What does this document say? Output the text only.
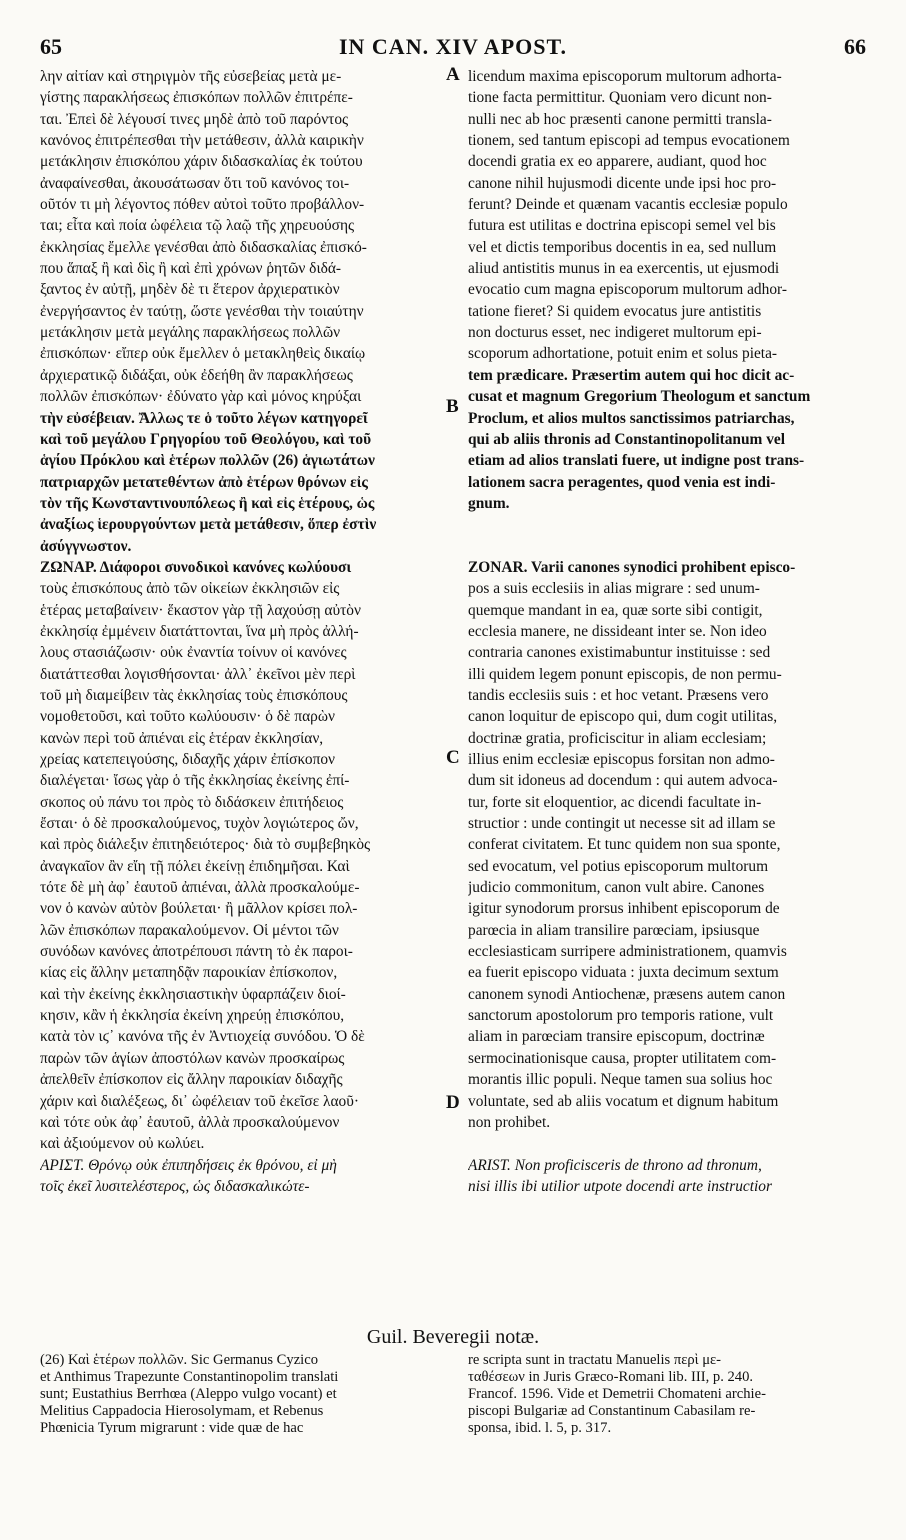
65	IN CAN. XIV APOST.	66
A
B
C
D
λην αἰτίαν καὶ στηριγμὸν τῆς εὐσεβείας μετὰ με-
γίστης παρακλήσεως ἐπισκόπων πολλῶν ἐπιτρέπε-
ται. Ἐπεὶ δὲ λέγουσί τινες μηδὲ ἀπὸ τοῦ παρόντος
κανόνος ἐπιτρέπεσθαι τὴν μετάθεσιν, ἀλλὰ καιρικὴν
μετάκλησιν ἐπισκόπου χάριν διδασκαλίας ἐκ τούτου
ἀναφαίνεσθαι, ἀκουσάτωσαν ὅτι τοῦ κανόνος τοι-
οῦτόν τι μὴ λέγοντος πόθεν αὐτοὶ τοῦτο προβάλλον-
ται; εἶτα καὶ ποία ὠφέλεια τῷ λαῷ τῆς χηρευούσης
ἐκκλησίας ἔμελλε γενέσθαι ἀπὸ διδασκαλίας ἐπισκό-
που ἅπαξ ἢ καὶ δὶς ἢ καὶ ἐπὶ χρόνων ῥητῶν διδά-
ξαντος ἐν αὐτῇ, μηδὲν δὲ τι ἕτερον ἀρχιερατικὸν
ἐνεργήσαντος ἐν ταύτῃ, ὥστε γενέσθαι τὴν τοιαύτην
μετάκλησιν μετὰ μεγάλης παρακλήσεως πολλῶν
ἐπισκόπων· εἴπερ οὐκ ἔμελλεν ὁ μετακληθεὶς δικαίῳ
ἀρχιερατικῷ διδάξαι, οὐκ ἐδεήθη ἂν παρακλήσεως
πολλῶν ἐπισκόπων· ἐδύνατο γὰρ καὶ μόνος κηρύξαι
τὴν εὐσέβειαν. Ἄλλως τε ὁ τοῦτο λέγων κατηγορεῖ
καὶ τοῦ μεγάλου Γρηγορίου τοῦ Θεολόγου, καὶ τοῦ
ἁγίου Πρόκλου καὶ ἑτέρων πολλῶν (26) ἁγιωτάτων
πατριαρχῶν μετατεθέντων ἀπὸ ἑτέρων θρόνων εἰς
τὸν τῆς Κωνσταντινουπόλεως ἢ καὶ εἰς ἑτέρους, ὡς
ἀναξίως ἱερουργούντων μετὰ μετάθεσιν, ὅπερ ἐστὶν
ἀσύγγνωστον.
ΖΩΝΑΡ. Διάφοροι συνοδικοὶ κανόνες κωλύουσι
τοὺς ἐπισκόπους ἀπὸ τῶν οἰκείων ἐκκλησιῶν εἰς
ἑτέρας μεταβαίνειν· ἕκαστον γὰρ τῇ λαχούσῃ αὐτὸν
ἐκκλησίᾳ ἐμμένειν διατάττονται, ἵνα μὴ πρὸς ἀλλή-
λους στασιάζωσιν· οὐκ ἐναντία τοίνυν οἱ κανόνες
διατάττεσθαι λογισθήσονται· ἀλλ᾽ ἐκεῖνοι μὲν περὶ
τοῦ μὴ διαμείβειν τὰς ἐκκλησίας τοὺς ἐπισκόπους
νομοθετοῦσι, καὶ τοῦτο κωλύουσιν· ὁ δὲ παρὼν
κανὼν περὶ τοῦ ἀπιέναι εἰς ἑτέραν ἐκκλησίαν,
χρείας κατεπειγούσης, διδαχῆς χάριν ἐπίσκοπον
διαλέγεται· ἴσως γὰρ ὁ τῆς ἐκκλησίας ἐκείνης ἐπί-
σκοπος οὐ πάνυ τοι πρὸς τὸ διδάσκειν ἐπιτήδειος
ἔσται· ὁ δὲ προσκαλούμενος, τυχὸν λογιώτερος ὤν,
καὶ πρὸς διάλεξιν ἐπιτηδειότερος· διὰ τὸ συμβεβηκὸς
ἀναγκαῖον ἂν εἴη τῇ πόλει ἐκείνῃ ἐπιδημῆσαι. Καὶ
τότε δὲ μὴ ἀφ᾽ ἑαυτοῦ ἀπιέναι, ἀλλὰ προσκαλούμε-
νον ὁ κανὼν αὐτὸν βούλεται· ἢ μᾶλλον κρίσει πολ-
λῶν ἐπισκόπων παρακαλούμενον. Οἱ μέντοι τῶν
συνόδων κανόνες ἀποτρέπουσι πάντη τὸ ἐκ παροι-
κίας εἰς ἄλλην μεταπηδᾷν παροικίαν ἐπίσκοπον,
καὶ τὴν ἐκείνης ἐκκλησιαστικὴν ὑφαρπάζειν διοί-
κησιν, κἂν ἡ ἐκκλησία ἐκείνη χηρεύῃ ἐπισκόπου,
κατὰ τὸν ιϛ᾽ κανόνα τῆς ἐν Ἀντιοχείᾳ συνόδου. Ὁ δὲ
παρὼν τῶν ἁγίων ἀποστόλων κανὼν προσκαίρως
ἀπελθεῖν ἐπίσκοπον εἰς ἄλλην παροικίαν διδαχῆς
χάριν καὶ διαλέξεως, δι᾽ ὠφέλειαν τοῦ ἐκεῖσε λαοῦ·
καὶ τότε οὐκ ἀφ᾽ ἑαυτοῦ, ἀλλὰ προσκαλούμενον
καὶ ἀξιούμενον οὐ κωλύει.
ΑΡΙΣΤ. Θρόνῳ οὐκ ἐπιπηδήσεις ἐκ θρόνου, εἰ μὴ
τοῖς ἐκεῖ λυσιτελέστερος, ὡς διδασκαλικώτε-
licendum maxima episcoporum multorum adhorta-
tione facta permittitur. Quoniam vero dicunt non-
nulli nec ab hoc præsenti canone permitti transla-
tionem, sed tantum episcopi ad tempus evocationem
docendi gratia ex eo apparere, audiant, quod hoc
canone nihil hujusmodi dicente unde ipsi hoc pro-
ferunt? Deinde et quænam vacantis ecclesiæ populo
futura est utilitas e doctrina episcopi semel vel bis
vel et dictis temporibus docentis in ea, sed nullum
aliud antistitis munus in ea exercentis, ut ejusmodi
evocatio cum magna episcoporum multorum adhor-
tatione fieret? Si quidem evocatus jure antistitis
non docturus esset, nec indigeret multorum epi-
scoporum adhortatione, potuit enim et solus pieta-
tem prædicare. Præsertim autem qui hoc dicit ac-
cusat et magnum Gregorium Theologum et sanctum
Proclum, et alios multos sanctissimos patriarchas,
qui ab aliis thronis ad Constantinopolitanum vel
etiam ad alios translati fuere, ut indigne post trans-
lationem sacra peragentes, quod venia est indi-
gnum.

ZONAR. Varii canones synodici prohibent episco-
pos a suis ecclesiis in alias migrare : sed unum-
quemque mandant in ea, quæ sorte sibi contigit,
ecclesia manere, ne dissideant inter se. Non ideo
contraria canones existimabuntur instituisse : sed
illi quidem legem ponunt episcopis, de non permu-
tandis ecclesiis suis : et hoc vetant. Præsens vero
canon loquitur de episcopo qui, dum cogit utilitas,
doctrinæ gratia, proficiscitur in aliam ecclesiam;
illius enim ecclesiæ episcopus forsitan non admo-
dum sit idoneus ad docendum : qui autem advoca-
tur, forte sit eloquentior, ac dicendi facultate in-
structior : unde contingit ut necesse sit ad illam se
conferat civitatem. Et tunc quidem non sua sponte,
sed evocatum, vel potius episcoporum multorum
judicio commonitum, canon vult abire. Canones
igitur synodorum prorsus inhibent episcoporum de
parœcia in aliam transilire parœciam, ipsiusque
ecclesiasticam surripere administrationem, quamvis
ea fuerit episcopo viduata : juxta decimum sextum
canonem synodi Antiochenæ, præsens autem canon
sanctorum apostolorum pro temporis ratione, vult
aliam in parœciam transire episcopum, doctrinæ
sermocinationisque causa, propter utilitatem com-
morantis illic populi. Neque tamen sua solius hoc
voluntate, sed ab aliis vocatum et dignum habitum
non prohibet.

ARIST. Non proficisceris de throno ad thronum,
nisi illis ibi utilior utpote docendi arte instructior
Guil. Beveregii notæ.
(26) Καὶ ἑτέρων πολλῶν. Sic Germanus Cyzico
et Anthimus Trapezunte Constantinopolim translati
sunt; Eustathius Berrhœa (Aleppo vulgo vocant) et
Melitius Cappadocia Hierosolymam, et Rebenus
Phœnicia Tyrum migrarunt : vide quæ de hac
re scripta sunt in tractatu Manuelis περὶ με-
ταθέσεων in Juris Græco-Romani lib. III, p. 240.
Francof. 1596. Vide et Demetrii Chomateni archie-
piscopi Bulgariæ ad Constantinum Cabasilam re-
sponsa, ibid. l. 5, p. 317.
